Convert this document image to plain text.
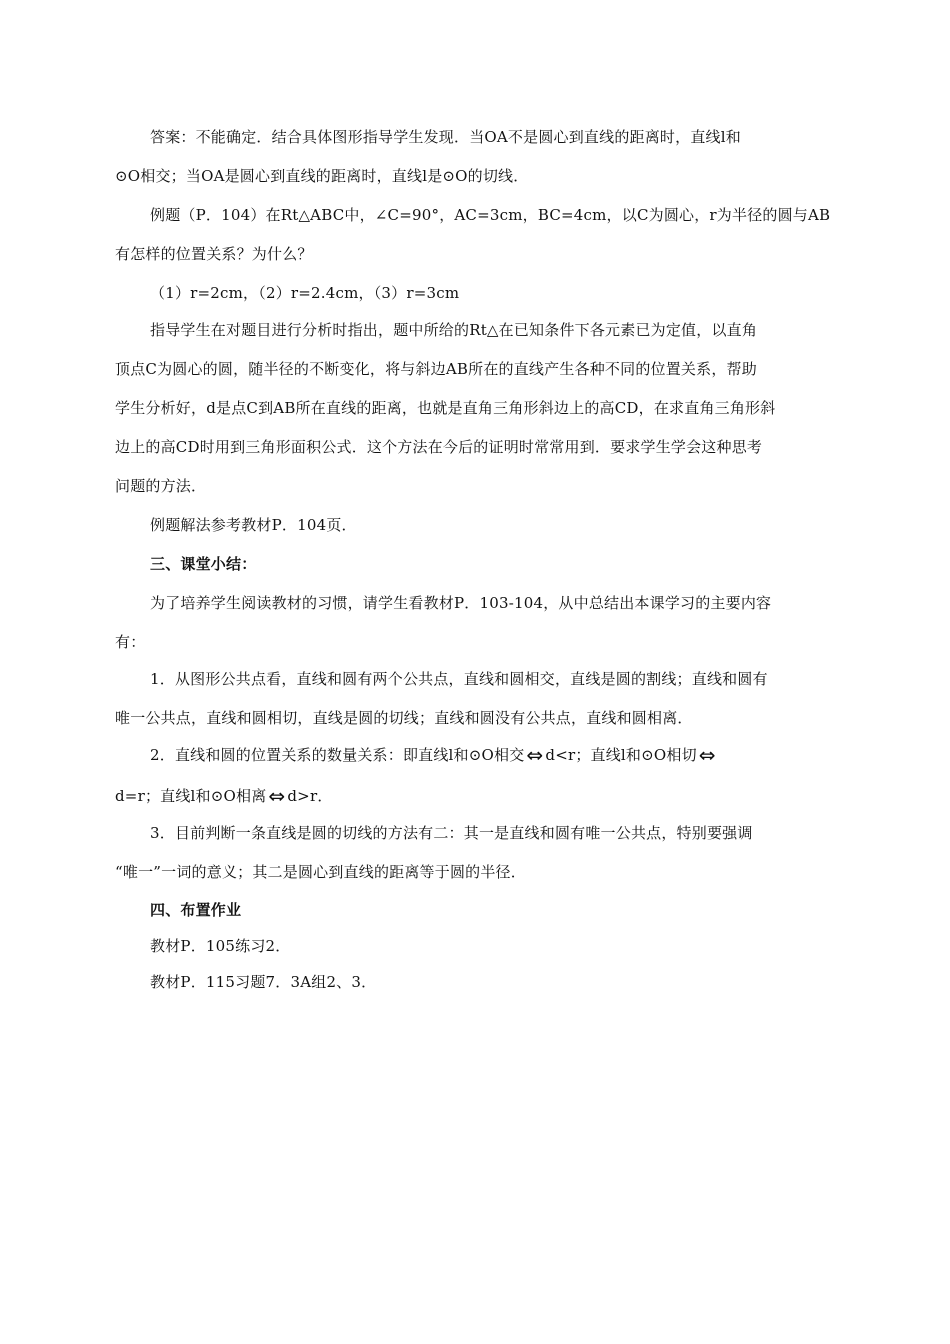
答案：不能确定．结合具体图形指导学生发现．当OA不是圆心到直线的距离时，直线l和
⊙O相交；当OA是圆心到直线的距离时，直线l是⊙O的切线．
例题（P．104）在Rt△ABC中，∠C=90°，AC=3cm，BC=4cm，以C为圆心，r为半径的圆与AB
有怎样的位置关系？为什么？
（1）r=2cm，（2）r=2.4cm，（3）r=3cm
指导学生在对题目进行分析时指出，题中所给的Rt△在已知条件下各元素已为定值，以直角
顶点C为圆心的圆，随半径的不断变化，将与斜边AB所在的直线产生各种不同的位置关系，帮助
学生分析好，d是点C到AB所在直线的距离，也就是直角三角形斜边上的高CD，在求直角三角形斜
边上的高CD时用到三角形面积公式．这个方法在今后的证明时常常用到．要求学生学会这种思考
问题的方法．
例题解法参考教材P．104页．
三、课堂小结：
为了培养学生阅读教材的习惯，请学生看教材P．103-104，从中总结出本课学习的主要内容
有：
1．从图形公共点看，直线和圆有两个公共点，直线和圆相交，直线是圆的割线；直线和圆有
唯一公共点，直线和圆相切，直线是圆的切线；直线和圆没有公共点，直线和圆相离．
2．直线和圆的位置关系的数量关系：即直线l和⊙O相交 ⇔ d<r；直线l和⊙O相切 ⇔
d=r；直线l和⊙O相离 ⇔ d>r．
3．目前判断一条直线是圆的切线的方法有二：其一是直线和圆有唯一公共点，特别要强调
“唯一”一词的意义；其二是圆心到直线的距离等于圆的半径．
四、布置作业
教材P．105练习2．
教材P．115习题7．3A组2、3．
